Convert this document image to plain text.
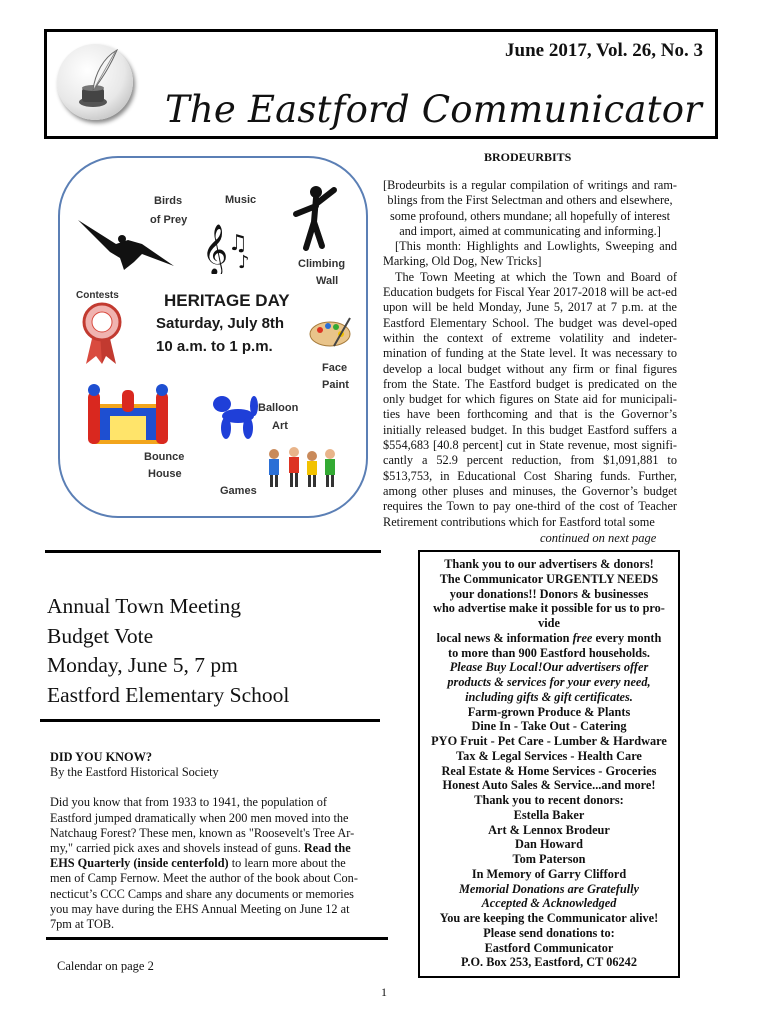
June 2017, Vol. 26, No. 3
The Eastford Communicator
Birds
of Prey
Music
𝄞 ♫
♪	Climbing
Wall
Contests	HERITAGE DAY
Saturday, July 8th
10 a.m. to 1 p.m.
Face
Paint
Bounce
House
Balloon
Art
Games
BRODEURBITS
[Brodeurbits is a regular compilation of writings and ram-
blings from the First Selectman and others and elsewhere,
some profound, others mundane; all hopefully of interest
and import, aimed at communicating and informing.]

[This month: Highlights and Lowlights, Sweeping and Marking, Old Dog, New Tricks]

The Town Meeting at which the Town and Board of Education budgets for Fiscal Year 2017-2018 will be act-ed upon will be held Monday, June 5, 2017 at 7 p.m. at the Eastford Elementary School. The budget was devel-oped within the context of extreme volatility and indeter-mination of funding at the State level. It was necessary to develop a local budget without any firm or final figures from the State. The Eastford budget is predicated on the only budget for which figures on State aid for municipali-ties have been forthcoming and that is the Governor’s initially released budget. In this budget Eastford suffers a $554,683 [40.8 percent] cut in State revenue, most signifi-cantly a 52.9 percent reduction, from $1,091,881 to $513,753, in Educational Cost Sharing funds. Further, among other pluses and minuses, the Governor’s budget requires the Town to pay one-third of the cost of Teacher Retirement contributions which for Eastford total some

continued on next page
Annual Town Meeting
Budget Vote
Monday, June 5, 7 pm
Eastford Elementary School
DID YOU KNOW?
By the Eastford Historical Society
Did you know that from 1933 to 1941, the population of Eastford jumped dramatically when 200 men moved into the Natchaug Forest? These men, known as "Roosevelt's Tree Ar-my," carried pick axes and shovels instead of guns. Read the EHS Quarterly (inside centerfold) to learn more about the men of Camp Fernow. Meet the author of the book about Con-necticut’s CCC Camps and share any documents or memories you may have during the EHS Annual Meeting on June 12 at 7pm at TOB.
Calendar on page 2
1
Thank you to our advertisers & donors!
The Communicator URGENTLY NEEDS
your donations!! Donors & businesses
who advertise make it possible for us to pro-
vide
local news & information free every month
to more than 900 Eastford households.
Please Buy Local!Our advertisers offer
products & services for your every need,
including gifts & gift certificates.
Farm-grown Produce & Plants
Dine In - Take Out - Catering
PYO Fruit - Pet Care - Lumber & Hardware
Tax & Legal Services - Health Care
Real Estate & Home Services - Groceries
Honest Auto Sales & Service...and more!
Thank you to recent donors:
Estella Baker
Art & Lennox Brodeur
Dan Howard
Tom Paterson
In Memory of Garry Clifford
Memorial Donations are Gratefully
Accepted & Acknowledged
You are keeping the Communicator alive!
Please send donations to:
Eastford Communicator
P.O. Box 253, Eastford, CT 06242
